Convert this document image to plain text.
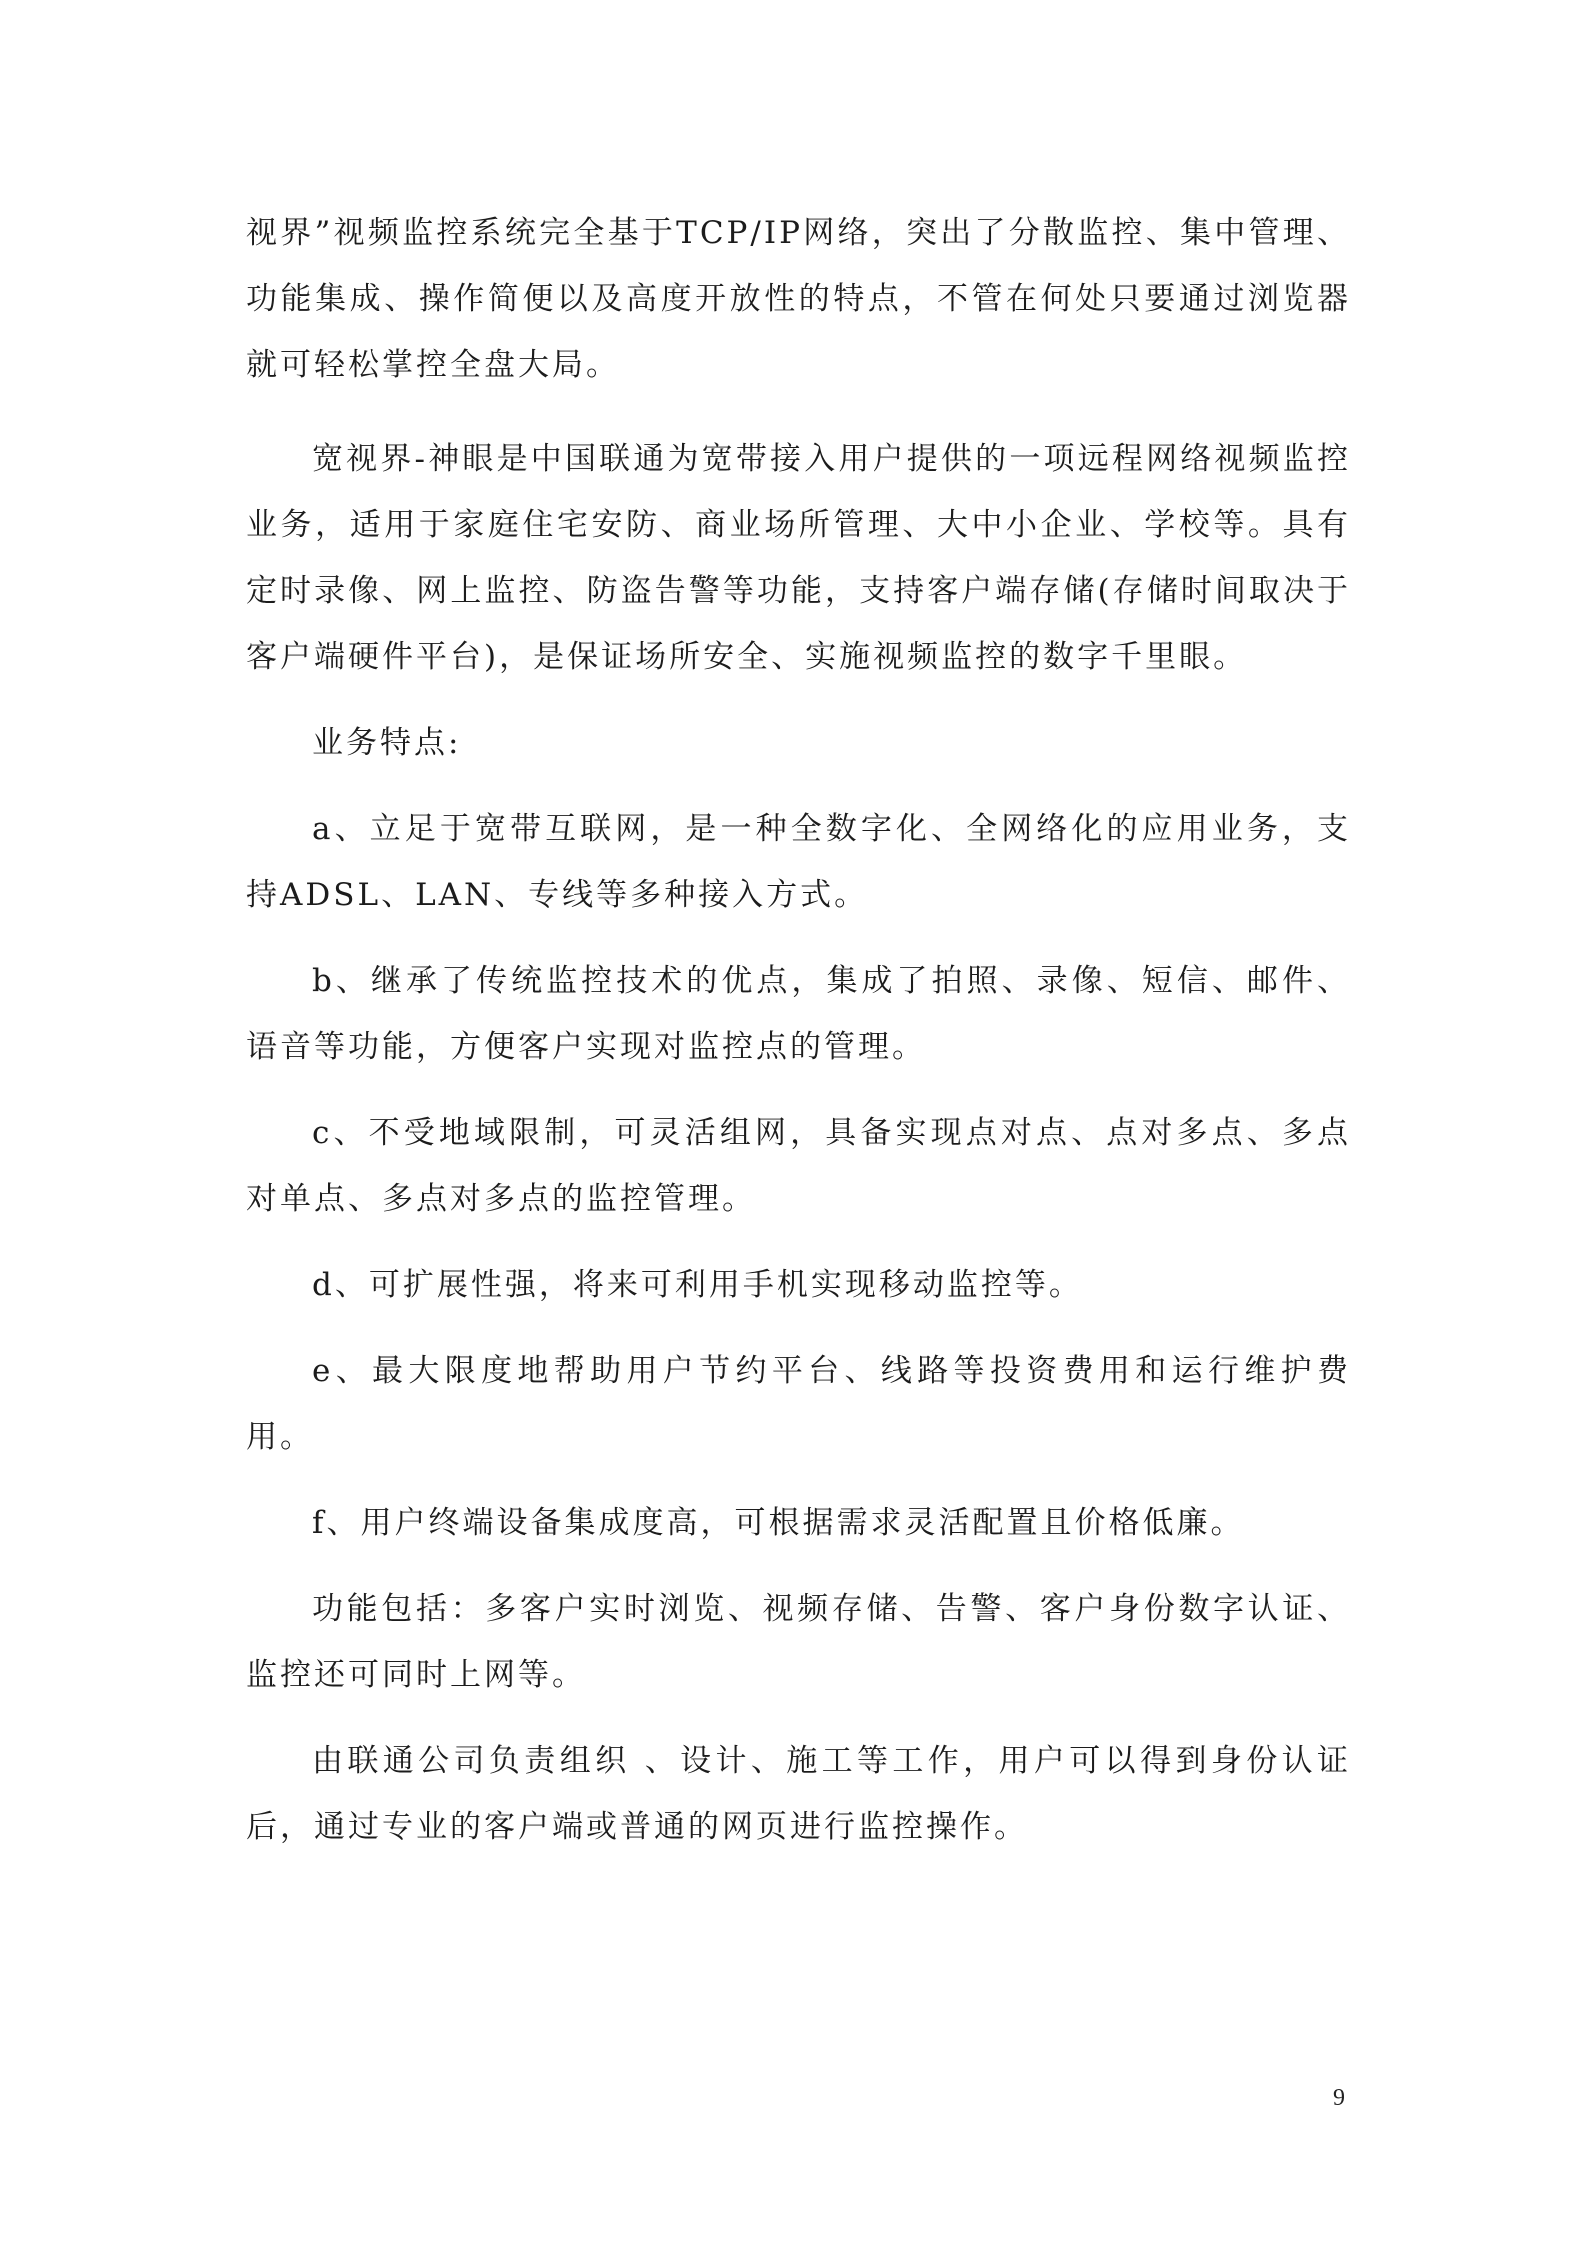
视界”视频监控系统完全基于TCP/IP网络，突出了分散监控、集中管理、功能集成、操作简便以及高度开放性的特点，不管在何处只要通过浏览器就可轻松掌控全盘大局。

宽视界-神眼是中国联通为宽带接入用户提供的一项远程网络视频监控业务，适用于家庭住宅安防、商业场所管理、大中小企业、学校等。具有定时录像、网上监控、防盗告警等功能，支持客户端存储(存储时间取决于客户端硬件平台)，是保证场所安全、实施视频监控的数字千里眼。

业务特点:

a、立足于宽带互联网，是一种全数字化、全网络化的应用业务，支持ADSL、LAN、专线等多种接入方式。

b、继承了传统监控技术的优点，集成了拍照、录像、短信、邮件、语音等功能，方便客户实现对监控点的管理。

c、不受地域限制，可灵活组网，具备实现点对点、点对多点、多点对单点、多点对多点的监控管理。

d、可扩展性强，将来可利用手机实现移动监控等。

e、最大限度地帮助用户节约平台、线路等投资费用和运行维护费用。

f、用户终端设备集成度高，可根据需求灵活配置且价格低廉。

功能包括：多客户实时浏览、视频存储、告警、客户身份数字认证、监控还可同时上网等。

由联通公司负责组织 、设计、施工等工作，用户可以得到身份认证后，通过专业的客户端或普通的网页进行监控操作。

9
